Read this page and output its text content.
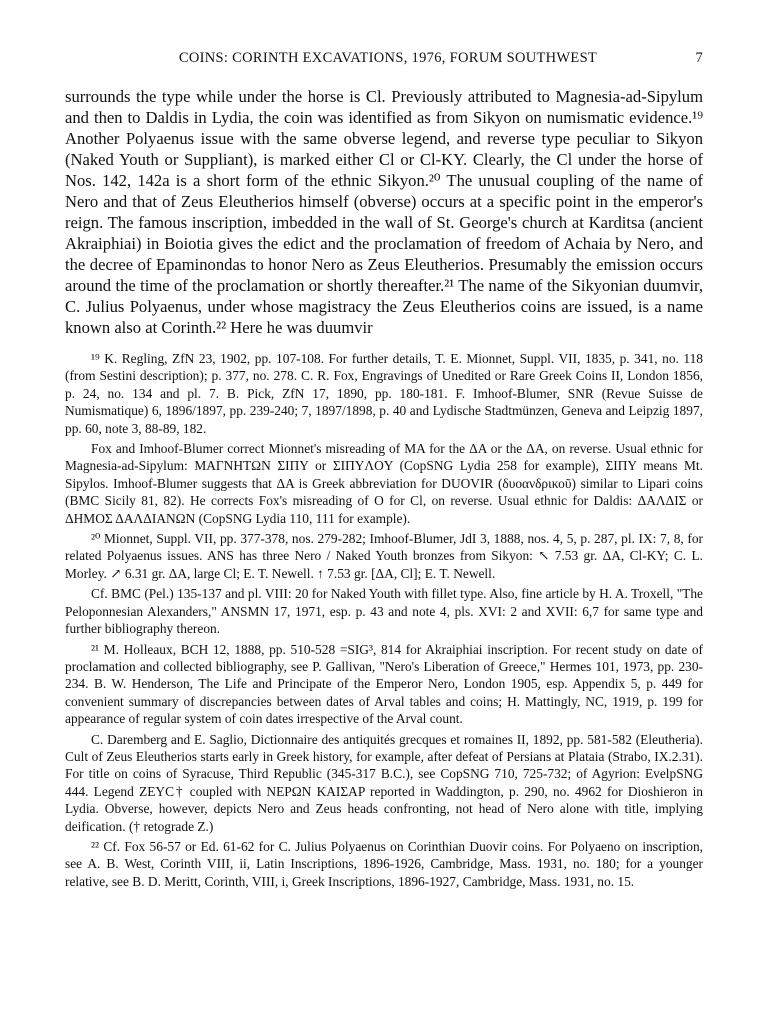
COINS: CORINTH EXCAVATIONS, 1976, FORUM SOUTHWEST	7

surrounds the type while under the horse is Cl. Previously attributed to Magnesia-ad-Sipylum and then to Daldis in Lydia, the coin was identified as from Sikyon on numismatic evidence.¹⁹ Another Polyaenus issue with the same obverse legend, and reverse type peculiar to Sikyon (Naked Youth or Suppliant), is marked either Cl or Cl-KY. Clearly, the Cl under the horse of Nos. 142, 142a is a short form of the ethnic Sikyon.²⁰ The unusual coupling of the name of Nero and that of Zeus Eleutherios himself (obverse) occurs at a specific point in the emperor's reign. The famous inscription, imbedded in the wall of St. George's church at Karditsa (ancient Akraiphiai) in Boiotia gives the edict and the proclamation of freedom of Achaia by Nero, and the decree of Epaminondas to honor Nero as Zeus Eleutherios. Presumably the emission occurs around the time of the proclamation or shortly thereafter.²¹ The name of the Sikyonian duumvir, C. Julius Polyaenus, under whose magistracy the Zeus Eleutherios coins are issued, is a name known also at Corinth.²² Here he was duumvir

¹⁹ K. Regling, ZfN 23, 1902, pp. 107-108. For further details, T. E. Mionnet, Suppl. VII, 1835, p. 341, no. 118 (from Sestini description); p. 377, no. 278. C. R. Fox, Engravings of Unedited or Rare Greek Coins II, London 1856, p. 24, no. 134 and pl. 7. B. Pick, ZfN 17, 1890, pp. 180-181. F. Imhoof-Blumer, SNR (Revue Suisse de Numismatique) 6, 1896/1897, pp. 239-240; 7, 1897/1898, p. 40 and Lydische Stadtmünzen, Geneva and Leipzig 1897, pp. 60, note 3, 88-89, 182.

Fox and Imhoof-Blumer correct Mionnet's misreading of MA for the ΔA or the ΔA, on reverse. Usual ethnic for Magnesia-ad-Sipylum: MAΓNHTΩN ΣIΠY or ΣIΠYΛOY (CopSNG Lydia 258 for example), ΣIΠY means Mt. Sipylos. Imhoof-Blumer suggests that ΔA is Greek abbreviation for DUOVIR (δυοανδρικοῦ) similar to Lipari coins (BMC Sicily 81, 82). He corrects Fox's misreading of O for Cl, on reverse. Usual ethnic for Daldis: ΔAΛΔIΣ or ΔHMOΣ ΔAΛΔIANΩN (CopSNG Lydia 110, 111 for example).

²⁰ Mionnet, Suppl. VII, pp. 377-378, nos. 279-282; Imhoof-Blumer, JdI 3, 1888, nos. 4, 5, p. 287, pl. IX: 7, 8, for related Polyaenus issues. ANS has three Nero / Naked Youth bronzes from Sikyon: ↖ 7.53 gr. ΔA, Cl-KY; C. L. Morley. ↗ 6.31 gr. ΔA, large Cl; E. T. Newell. ↑ 7.53 gr. [ΔA, Cl]; E. T. Newell.

Cf. BMC (Pel.) 135-137 and pl. VIII: 20 for Naked Youth with fillet type. Also, fine article by H. A. Troxell, "The Peloponnesian Alexanders," ANSMN 17, 1971, esp. p. 43 and note 4, pls. XVI: 2 and XVII: 6,7 for same type and further bibliography thereon.

²¹ M. Holleaux, BCH 12, 1888, pp. 510-528 =SIG³, 814 for Akraiphiai inscription. For recent study on date of proclamation and collected bibliography, see P. Gallivan, "Nero's Liberation of Greece," Hermes 101, 1973, pp. 230-234. B. W. Henderson, The Life and Principate of the Emperor Nero, London 1905, esp. Appendix 5, p. 449 for convenient summary of discrepancies between dates of Arval tables and coins; H. Mattingly, NC, 1919, p. 199 for appearance of regular system of coin dates irrespective of the Arval count.

C. Daremberg and E. Saglio, Dictionnaire des antiquités grecques et romaines II, 1892, pp. 581-582 (Eleutheria). Cult of Zeus Eleutherios starts early in Greek history, for example, after defeat of Persians at Plataia (Strabo, IX.2.31). For title on coins of Syracuse, Third Republic (345-317 B.C.), see CopSNG 710, 725-732; of Agyrion: EvelpSNG 444. Legend ZEYC† coupled with NEPΩN KAIΣAP reported in Waddington, p. 290, no. 4962 for Dioshieron in Lydia. Obverse, however, depicts Nero and Zeus heads confronting, not head of Nero alone with title, implying deification. († retograde Z.)

²² Cf. Fox 56-57 or Ed. 61-62 for C. Julius Polyaenus on Corinthian Duovir coins. For Polyaeno on inscription, see A. B. West, Corinth VIII, ii, Latin Inscriptions, 1896-1926, Cambridge, Mass. 1931, no. 180; for a younger relative, see B. D. Meritt, Corinth, VIII, i, Greek Inscriptions, 1896-1927, Cambridge, Mass. 1931, no. 15.
